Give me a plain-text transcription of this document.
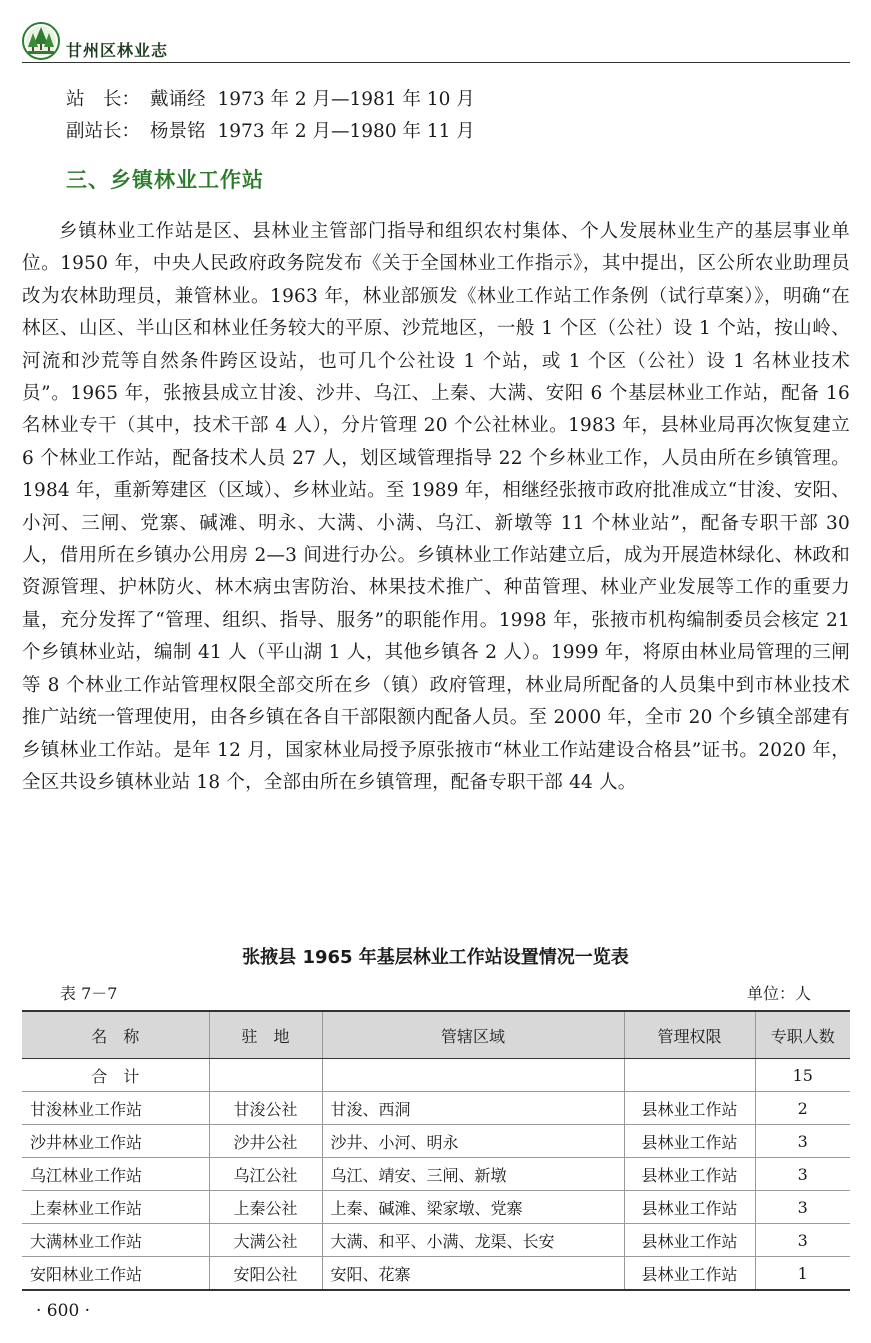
甘州区林业志
站　长： 戴诵经 1973 年 2 月—1981 年 10 月
副站长： 杨景铭 1973 年 2 月—1980 年 11 月
三、乡镇林业工作站

乡镇林业工作站是区、县林业主管部门指导和组织农村集体、个人发展林业生产的基层事业单位。1950 年，中央人民政府政务院发布《关于全国林业工作指示》，其中提出，区公所农业助理员改为农林助理员，兼管林业。1963 年，林业部颁发《林业工作站工作条例（试行草案）》，明确“在林区、山区、半山区和林业任务较大的平原、沙荒地区，一般 1 个区（公社）设 1 个站，按山岭、河流和沙荒等自然条件跨区设站，也可几个公社设 1 个站，或 1 个区（公社）设 1 名林业技术员”。1965 年，张掖县成立甘浚、沙井、乌江、上秦、大满、安阳 6 个基层林业工作站，配备 16 名林业专干（其中，技术干部 4 人），分片管理 20 个公社林业。1983 年，县林业局再次恢复建立 6 个林业工作站，配备技术人员 27 人，划区域管理指导 22 个乡林业工作，人员由所在乡镇管理。1984 年，重新筹建区（区域）、乡林业站。至 1989 年，相继经张掖市政府批准成立“甘浚、安阳、小河、三闸、党寨、碱滩、明永、大满、小满、乌江、新墩等 11 个林业站”，配备专职干部 30 人，借用所在乡镇办公用房 2—3 间进行办公。乡镇林业工作站建立后，成为开展造林绿化、林政和资源管理、护林防火、林木病虫害防治、林果技术推广、种苗管理、林业产业发展等工作的重要力量，充分发挥了“管理、组织、指导、服务”的职能作用。1998 年，张掖市机构编制委员会核定 21 个乡镇林业站，编制 41 人（平山湖 1 人，其他乡镇各 2 人）。1999 年，将原由林业局管理的三闸等 8 个林业工作站管理权限全部交所在乡（镇）政府管理，林业局所配备的人员集中到市林业技术推广站统一管理使用，由各乡镇在各自干部限额内配备人员。至 2000 年，全市 20 个乡镇全部建有乡镇林业工作站。是年 12 月，国家林业局授予原张掖市“林业工作站建设合格县”证书。2020 年，全区共设乡镇林业站 18 个，全部由所在乡镇管理，配备专职干部 44 人。

张掖县 1965 年基层林业工作站设置情况一览表
表 7－7	单位：人
名　称	驻　地	管辖区域	管理权限	专职人数
合　计				15
甘浚林业工作站	甘浚公社	甘浚、西洞	县林业工作站	2
沙井林业工作站	沙井公社	沙井、小河、明永	县林业工作站	3
乌江林业工作站	乌江公社	乌江、靖安、三闸、新墩	县林业工作站	3
上秦林业工作站	上秦公社	上秦、碱滩、梁家墩、党寨	县林业工作站	3
大满林业工作站	大满公社	大满、和平、小满、龙渠、长安	县林业工作站	3
安阳林业工作站	安阳公社	安阳、花寨	县林业工作站	1
· 600 ·
